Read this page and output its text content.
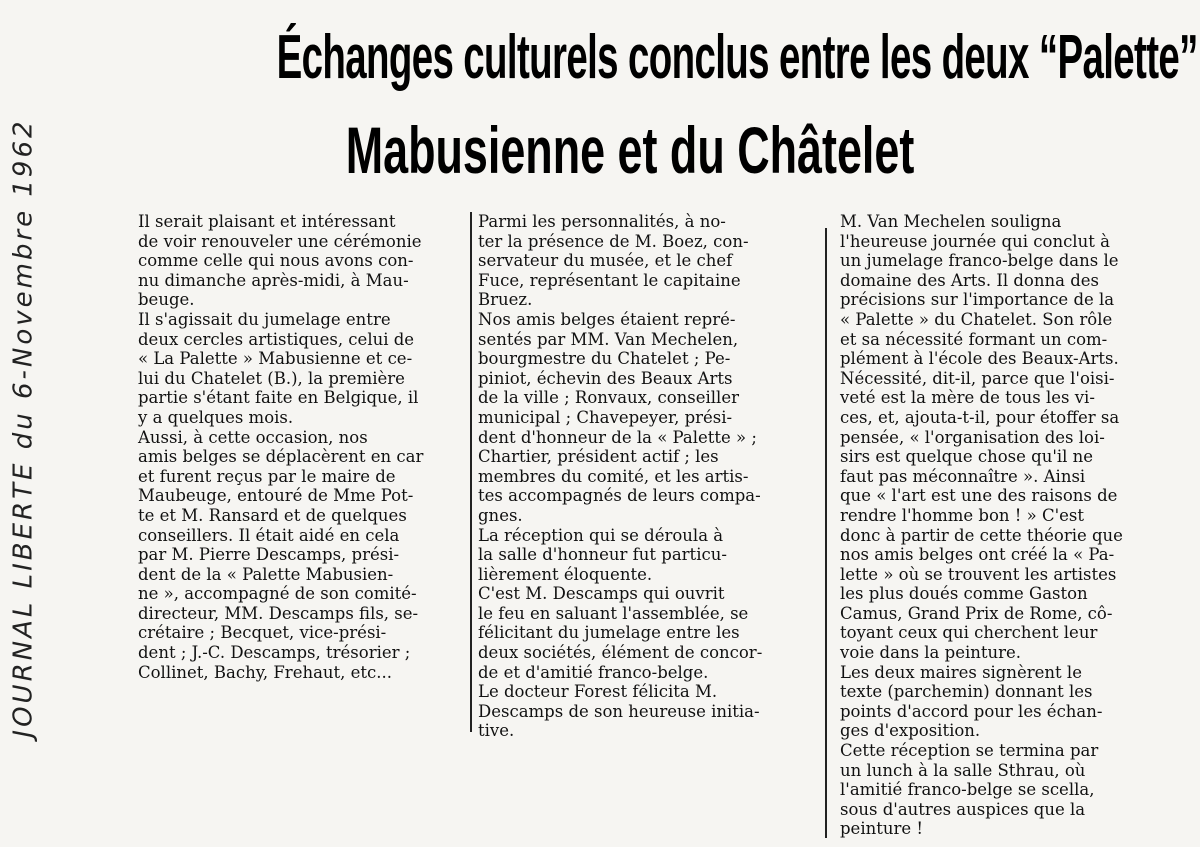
JOURNAL LIBERTE du 6-Novembre 1962
Échanges culturels conclus entre les deux “Palette”
Mabusienne et du Châtelet
Il serait plaisant et intéressant
de voir renouveler une cérémonie
comme celle qui nous avons con-
nu dimanche après-midi, à Mau-
beuge.
Il s'agissait du jumelage entre
deux cercles artistiques, celui de
« La Palette » Mabusienne et ce-
lui du Chatelet (B.), la première
partie s'étant faite en Belgique, il
y a quelques mois.
Aussi, à cette occasion, nos
amis belges se déplacèrent en car
et furent reçus par le maire de
Maubeuge, entouré de Mme Pot-
te et M. Ransard et de quelques
conseillers. Il était aidé en cela
par M. Pierre Descamps, prési-
dent de la « Palette Mabusien-
ne », accompagné de son comité-
directeur, MM. Descamps fils, se-
crétaire ; Becquet, vice-prési-
dent ; J.-C. Descamps, trésorier ;
Collinet, Bachy, Frehaut, etc...
Parmi les personnalités, à no-
ter la présence de M. Boez, con-
servateur du musée, et le chef
Fuce, représentant le capitaine
Bruez.
Nos amis belges étaient repré-
sentés par MM. Van Mechelen,
bourgmestre du Chatelet ; Pe-
piniot, échevin des Beaux Arts
de la ville ; Ronvaux, conseiller
municipal ; Chavepeyer, prési-
dent d'honneur de la « Palette » ;
Chartier, président actif ; les
membres du comité, et les artis-
tes accompagnés de leurs compa-
gnes.
La réception qui se déroula à
la salle d'honneur fut particu-
lièrement éloquente.
C'est M. Descamps qui ouvrit
le feu en saluant l'assemblée, se
félicitant du jumelage entre les
deux sociétés, élément de concor-
de et d'amitié franco-belge.
Le docteur Forest félicita M.
Descamps de son heureuse initia-
tive.
M. Van Mechelen souligna
l'heureuse journée qui conclut à
un jumelage franco-belge dans le
domaine des Arts. Il donna des
précisions sur l'importance de la
« Palette » du Chatelet. Son rôle
et sa nécessité formant un com-
plément à l'école des Beaux-Arts.
Nécessité, dit-il, parce que l'oisi-
veté est la mère de tous les vi-
ces, et, ajouta-t-il, pour étoffer sa
pensée, « l'organisation des loi-
sirs est quelque chose qu'il ne
faut pas méconnaître ». Ainsi
que « l'art est une des raisons de
rendre l'homme bon ! » C'est
donc à partir de cette théorie que
nos amis belges ont créé la « Pa-
lette » où se trouvent les artistes
les plus doués comme Gaston
Camus, Grand Prix de Rome, cô-
toyant ceux qui cherchent leur
voie dans la peinture.
Les deux maires signèrent le
texte (parchemin) donnant les
points d'accord pour les échan-
ges d'exposition.
Cette réception se termina par
un lunch à la salle Sthrau, où
l'amitié franco-belge se scella,
sous d'autres auspices que la
peinture !
